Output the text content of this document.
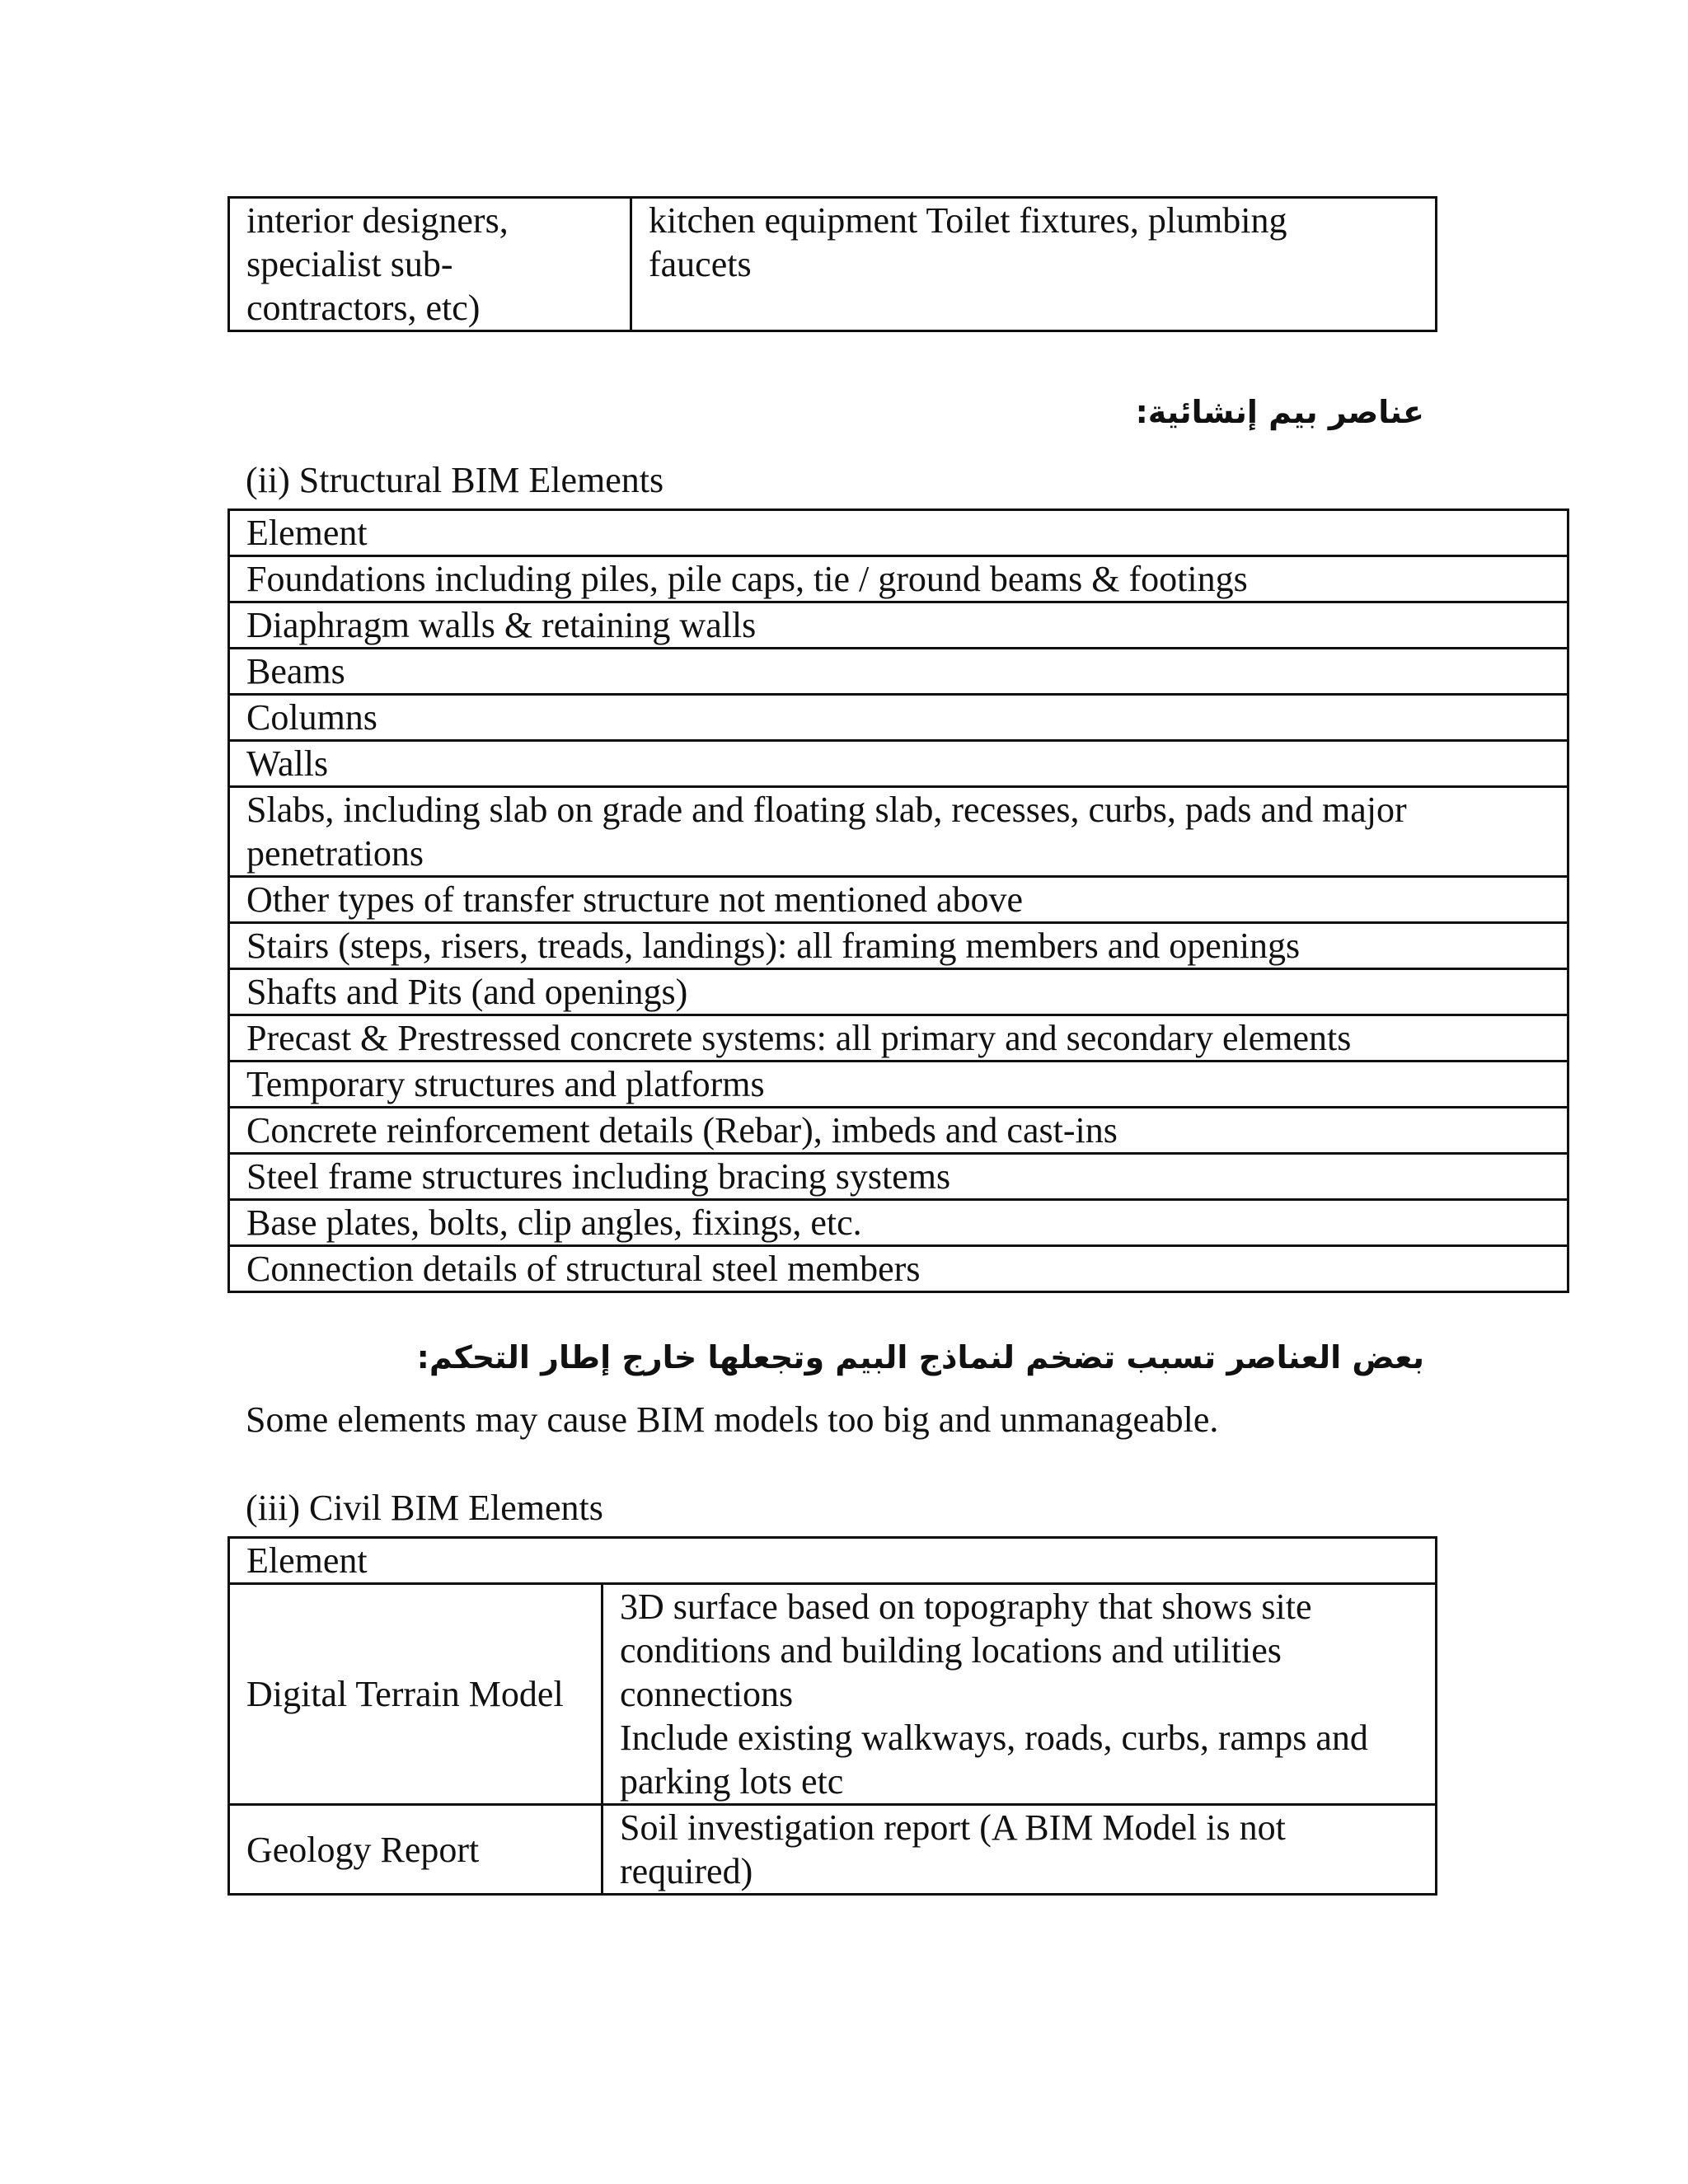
interior designers,
specialist sub-
contractors, etc)	kitchen equipment Toilet fixtures, plumbing
faucets
عناصر بيم إنشائية:
(ii) Structural BIM Elements
Element
Foundations including piles, pile caps, tie / ground beams & footings
Diaphragm walls & retaining walls
Beams
Columns
Walls
Slabs, including slab on grade and floating slab, recesses, curbs, pads and major
penetrations
Other types of transfer structure not mentioned above
Stairs (steps, risers, treads, landings): all framing members and openings
Shafts and Pits (and openings)
Precast & Prestressed concrete systems: all primary and secondary elements
Temporary structures and platforms
Concrete reinforcement details (Rebar), imbeds and cast-ins
Steel frame structures including bracing systems
Base plates, bolts, clip angles, fixings, etc.
Connection details of structural steel members
بعض العناصر تسبب تضخم لنماذج البيم وتجعلها خارج إطار التحكم:
Some elements may cause BIM models too big and unmanageable.
(iii) Civil BIM Elements
Element	
Digital Terrain Model	3D surface based on topography that shows site
conditions and building locations and utilities
connections
Include existing walkways, roads, curbs, ramps and
parking lots etc
Geology Report	Soil investigation report (A BIM Model is not
required)
